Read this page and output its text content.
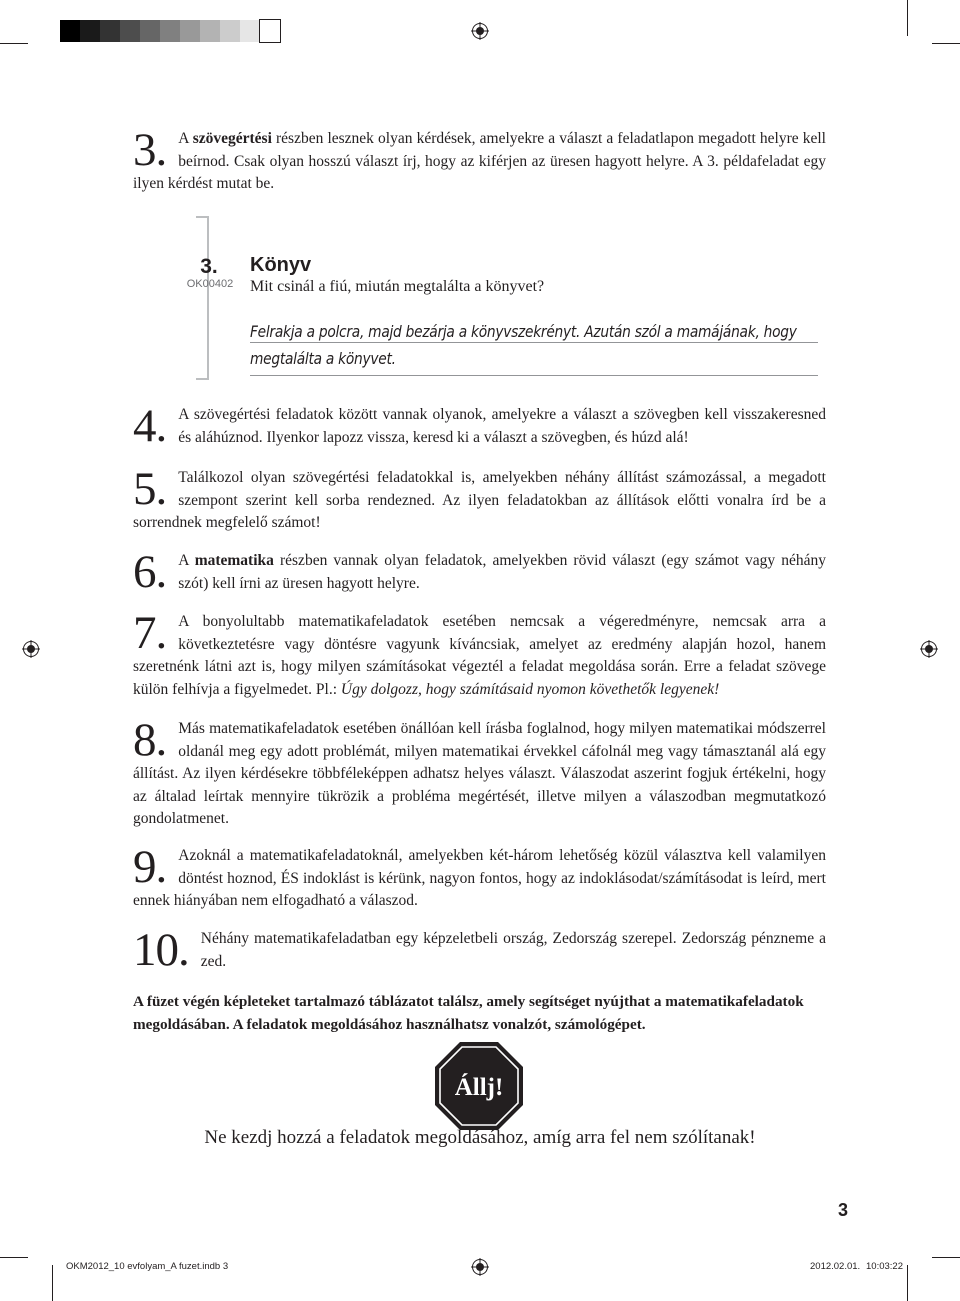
3. A szövegértési részben lesznek olyan kérdések, amelyekre a választ a feladatlapon megadott helyre kell beírnod. Csak olyan hosszú választ írj, hogy az kiférjen az üresen hagyott helyre. A 3. példafeladat egy ilyen kérdést mutat be.

3.
OK00402
Könyv
Mit csinál a fiú, miután megtalálta a könyvet?
Felrakja a polcra, majd bezárja a könyvszekrényt. Azután szól a mamájának, hogy
megtalálta a könyvet.
4. A szövegértési feladatok között vannak olyanok, amelyekre a választ a szövegben kell visszakeresned és aláhúznod. Ilyenkor lapozz vissza, keresd ki a választ a szövegben, és húzd alá!

5. Találkozol olyan szövegértési feladatokkal is, amelyekben néhány állítást számozással, a megadott szempont szerint kell sorba rendezned. Az ilyen feladatokban az állítások előtti vonalra írd be a sorrendnek megfelelő számot!

6. A matematika részben vannak olyan feladatok, amelyekben rövid választ (egy számot vagy néhány szót) kell írni az üresen hagyott helyre.

7. A bonyolultabb matematikafeladatok esetében nemcsak a végeredményre, nemcsak arra a következtetésre vagy döntésre vagyunk kíváncsiak, amelyet az eredmény alapján hozol, hanem szeretnénk látni azt is, hogy milyen számításokat végeztél a feladat megoldása során. Erre a feladat szövege külön felhívja a figyelmedet. Pl.: Úgy dolgozz, hogy számításaid nyomon követhetők legyenek!

8. Más matematikafeladatok esetében önállóan kell írásba foglalnod, hogy milyen matematikai módszerrel oldanál meg egy adott problémát, milyen matematikai érvekkel cáfolnál meg vagy támasztanál alá egy állítást. Az ilyen kérdésekre többféleképpen adhatsz helyes választ. Válaszodat aszerint fogjuk értékelni, hogy az általad leírtak mennyire tükrözik a probléma megértését, illetve milyen a válaszodban megmutatkozó gondolatmenet.

9. Azoknál a matematikafeladatoknál, amelyekben két-három lehetőség közül választva kell valamilyen döntést hoznod, ÉS indoklást is kérünk, nagyon fontos, hogy az indoklásodat/számításodat is leírd, mert ennek hiányában nem elfogadható a válaszod.

10. Néhány matematikafeladatban egy képzeletbeli ország, Zedország szerepel. Zedország pénzneme a zed.

A füzet végén képleteket tartalmazó táblázatot találsz, amely segítséget nyújthat a matematikafeladatok megoldásában. A feladatok megoldásához használhatsz vonalzót, számológépet.
Állj!
Ne kezdj hozzá a feladatok megoldásához, amíg arra fel nem szólítanak!
3
OKM2012_10 evfolyam_A fuzet.indb 3	2012.02.01. 10:03:22
